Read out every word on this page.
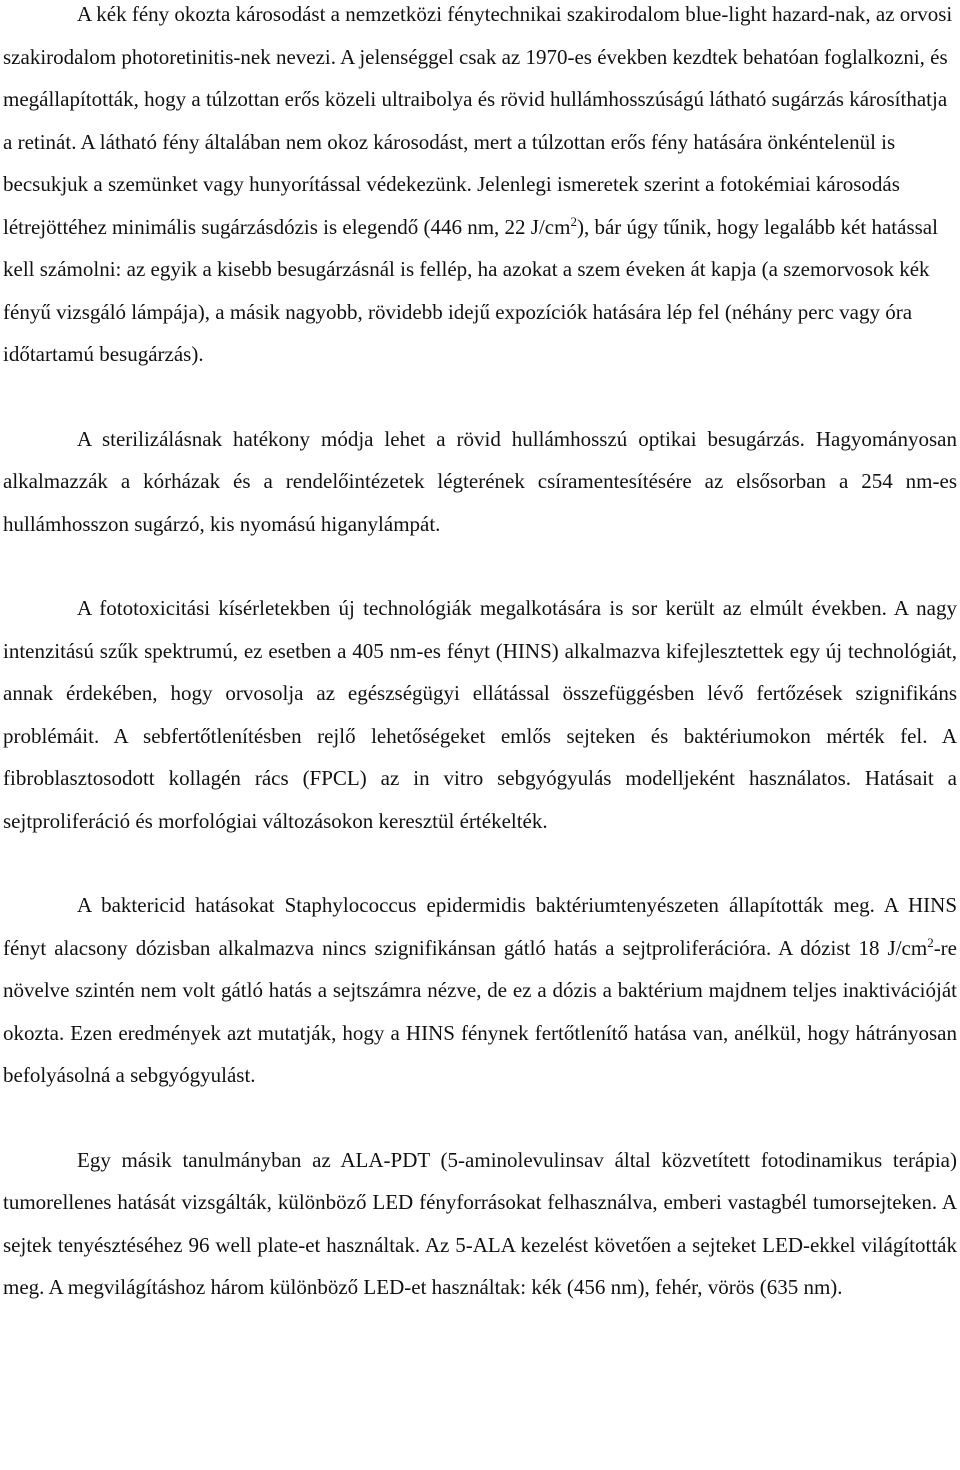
A kék fény okozta károsodást a nemzetközi fénytechnikai szakirodalom blue-light hazard-nak, az orvosi szakirodalom photoretinitis-nek nevezi. A jelenséggel csak az 1970-es években kezdtek behatóan foglalkozni, és megállapították, hogy a túlzottan erős közeli ultraibolya és rövid hullámhosszúságú látható sugárzás károsíthatja a retinát. A látható fény általában nem okoz károsodást, mert a túlzottan erős fény hatására önkéntelenül is becsukjuk a szemünket vagy hunyorítással védekezünk. Jelenlegi ismeretek szerint a fotokémiai károsodás létrejöttéhez minimális sugárzásdózis is elegendő (446 nm, 22 $J/cm^2$), bár úgy tűnik, hogy legalább két hatással kell számolni: az egyik a kisebb besugárzásnál is fellép, ha azokat a szem éveken át kapja (a szemorvosok kék fényű vizsgáló lámpája), a másik nagyobb, rövidebb idejű expozíciók hatására lép fel (néhány perc vagy óra időtartamú besugárzás).

A sterilizálásnak hatékony módja lehet a rövid hullámhosszú optikai besugárzás. Hagyományosan alkalmazzák a kórházak és a rendelőintézetek légterének csíramentesítésére az elsősorban a 254 nm-es hullámhosszon sugárzó, kis nyomású higanylámpát.

A fototoxicitási kísérletekben új technológiák megalkotására is sor került az elmúlt években. A nagy intenzitású szűk spektrumú, ez esetben a 405 nm-es fényt (HINS) alkalmazva kifejlesztettek egy új technológiát, annak érdekében, hogy orvosolja az egészségügyi ellátással összefüggésben lévő fertőzések szignifikáns problémáit. A sebfertőtlenítésben rejlő lehetőségeket emlős sejteken és baktériumokon mérték fel. A fibroblasztosodott kollagén rács (FPCL) az in vitro sebgyógyulás modelljeként használatos. Hatásait a sejtproliferáció és morfológiai változásokon keresztül értékelték.

A baktericid hatásokat Staphylococcus epidermidis baktériumtenyészeten állapították meg. A HINS fényt alacsony dózisban alkalmazva nincs szignifikánsan gátló hatás a sejtproliferációra. A dózist 18 $J/cm^2-re$ növelve szintén nem volt gátló hatás a sejtszámra nézve, de ez a dózis a baktérium majdnem teljes inaktivációját okozta. Ezen eredmények azt mutatják, hogy a HINS fénynek fertőtlenítő hatása van, anélkül, hogy hátrányosan befolyásolná a sebgyógyulást.

Egy másik tanulmányban az ALA-PDT (5-aminolevulinsav által közvetített fotodinamikus terápia) tumorellenes hatását vizsgálták, különböző LED fényforrásokat felhasználva, emberi vastagbél tumorsejteken. A sejtek tenyésztéséhez 96 well plate-et használtak. Az 5-ALA kezelést követően a sejteket LED-ekkel világították meg. A megvilágításhoz három különböző LED-et használtak: kék (456 nm), fehér, vörös (635 nm).
